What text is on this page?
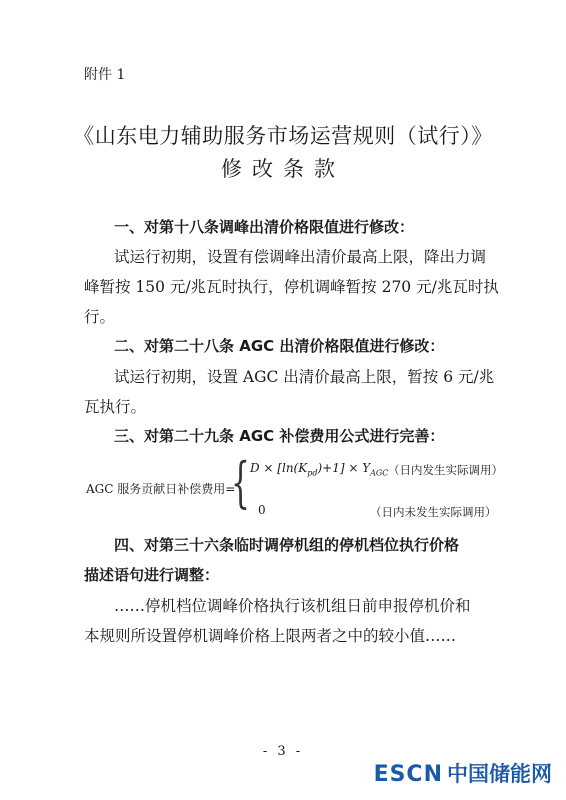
附件 1
《山东电力辅助服务市场运营规则（试行）》
修改条款
一、对第十八条调峰出清价格限值进行修改：
试运行初期，设置有偿调峰出清价最高上限，降出力调
峰暂按 150 元/兆瓦时执行，停机调峰暂按 270 元/兆瓦时执
行。
二、对第二十八条 AGC 出清价格限值进行修改：
试运行初期，设置 AGC 出清价最高上限，暂按 6 元/兆
瓦执行。
三、对第二十九条 AGC 补偿费用公式进行完善：
AGC 服务贡献日补偿费用=
{ $D \times [\ln(K_{pd})+1] \times Y_{AGC}$ （日内发生实际调用）
0	（日内未发生实际调用）
四、对第三十六条临时调停机组的停机档位执行价格
描述语句进行调整：
……停机档位调峰价格执行该机组日前申报停机价和
本规则所设置停机调峰价格上限两者之中的较小值……
- 3 -
ESCN 中国储能网
